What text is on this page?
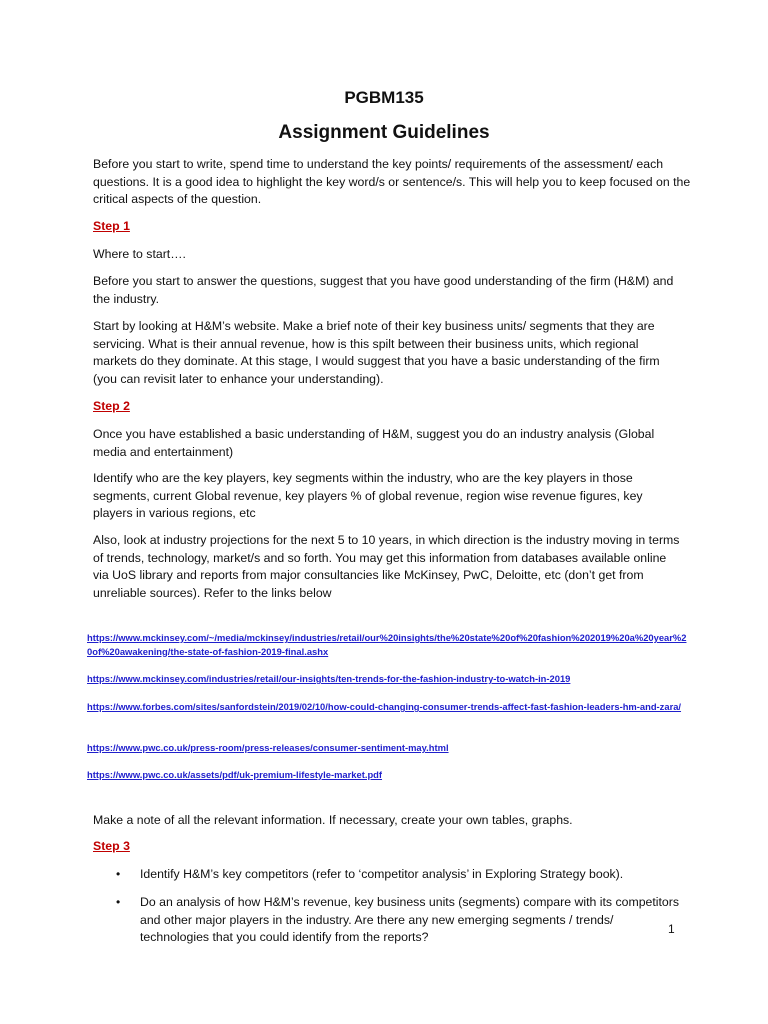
PGBM135
Assignment Guidelines
Before you start to write, spend time to understand the key points/ requirements of the assessment/ each questions. It is a good idea to highlight the key word/s or sentence/s. This will help you to keep focused on the critical aspects of the question.
Step 1
Where to start….
Before you start to answer the questions, suggest that you have good understanding of the firm (H&M) and the industry.
Start by looking at H&M’s website. Make a brief note of their key business units/ segments that they are servicing. What is their annual revenue, how is this spilt between their business units, which regional markets do they dominate. At this stage, I would suggest that you have a basic understanding of the firm (you can revisit later to enhance your understanding).
Step 2
Once you have established a basic understanding of H&M, suggest you do an industry analysis (Global media and entertainment)
Identify who are the key players, key segments within the industry, who are the key players in those segments, current Global revenue, key players % of global revenue, region wise revenue figures, key players in various regions, etc
Also, look at industry projections for the next 5 to 10 years, in which direction is the industry moving in terms of trends, technology, market/s and so forth. You may get this information from databases available online via UoS library and reports from major consultancies like McKinsey, PwC, Deloitte, etc (don’t get from unreliable sources). Refer to the links below
https://www.mckinsey.com/~/media/mckinsey/industries/retail/our%20insights/the%20state%20of%20fashion%202019%20a%20year%20of%20awakening/the-state-of-fashion-2019-final.ashx
https://www.mckinsey.com/industries/retail/our-insights/ten-trends-for-the-fashion-industry-to-watch-in-2019
https://www.forbes.com/sites/sanfordstein/2019/02/10/how-could-changing-consumer-trends-affect-fast-fashion-leaders-hm-and-zara/
https://www.pwc.co.uk/press-room/press-releases/consumer-sentiment-may.html
https://www.pwc.co.uk/assets/pdf/uk-premium-lifestyle-market.pdf
Make a note of all the relevant information. If necessary, create your own tables, graphs.
Step 3
• Identify H&M’s key competitors (refer to ‘competitor analysis’ in Exploring Strategy book).
• Do an analysis of how H&M’s revenue, key business units (segments) compare with its competitors and other major players in the industry. Are there any new emerging segments / trends/ technologies that you could identify from the reports?
1
